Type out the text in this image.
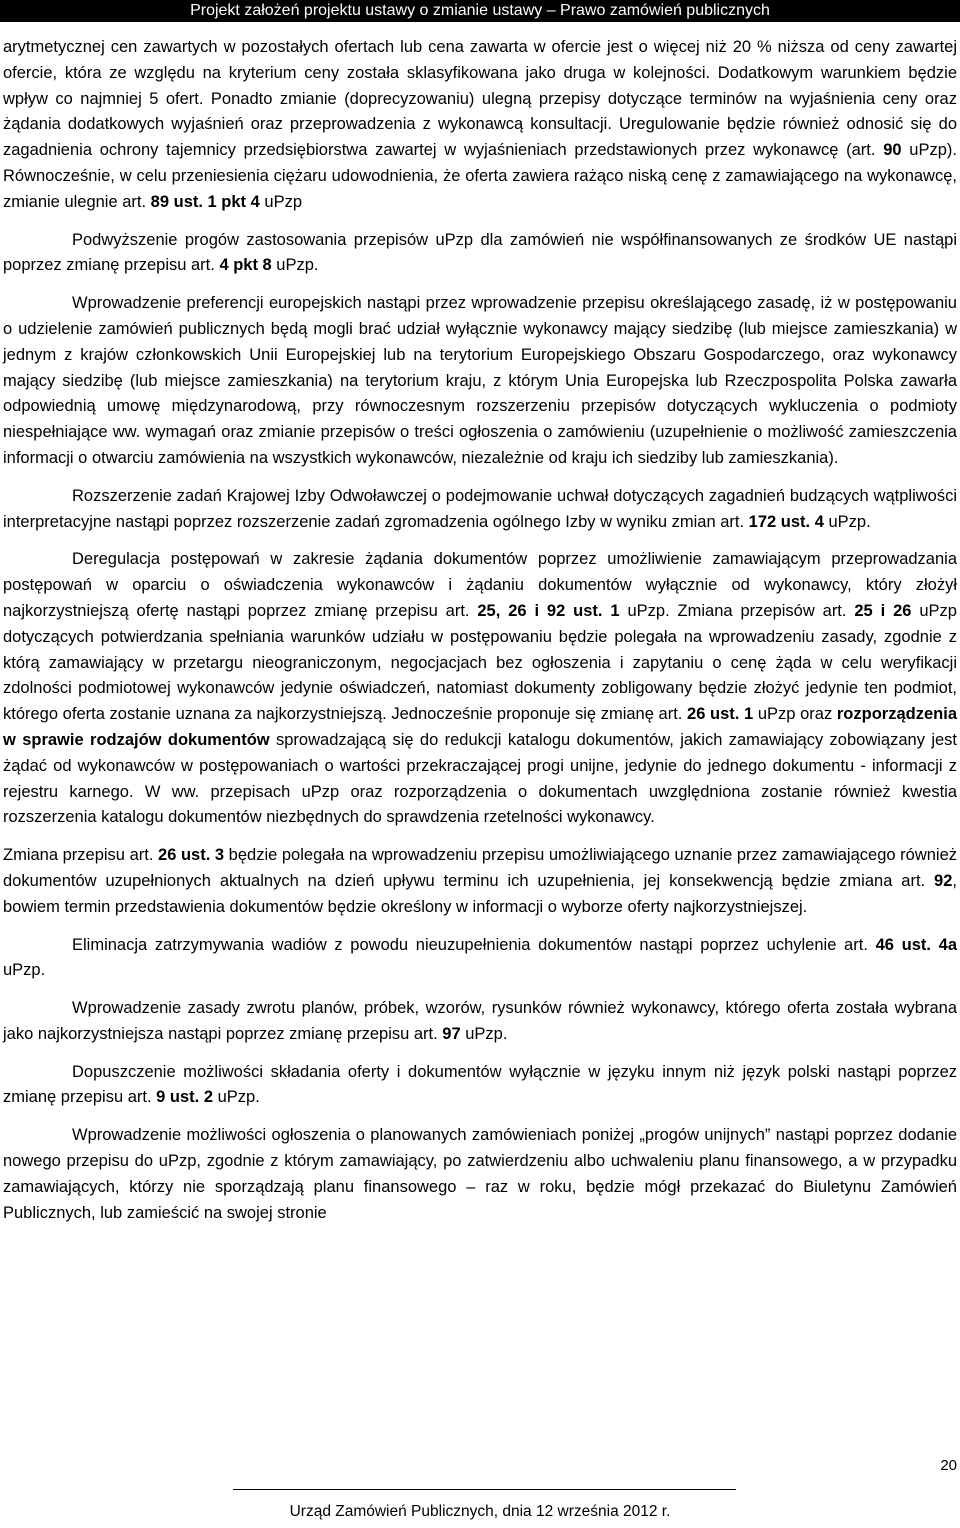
Projekt założeń projektu ustawy o zmianie ustawy – Prawo zamówień publicznych

arytmetycznej cen zawartych w pozostałych ofertach lub cena zawarta w ofercie jest o więcej niż 20 % niższa od ceny zawartej ofercie, która ze względu na kryterium ceny została sklasyfikowana jako druga w kolejności. Dodatkowym warunkiem będzie wpływ co najmniej 5 ofert. Ponadto zmianie (doprecyzowaniu) ulegną przepisy dotyczące terminów na wyjaśnienia ceny oraz żądania dodatkowych wyjaśnień oraz przeprowadzenia z wykonawcą konsultacji. Uregulowanie będzie również odnosić się do zagadnienia ochrony tajemnicy przedsiębiorstwa zawartej w wyjaśnieniach przedstawionych przez wykonawcę (art. 90 uPzp). Równocześnie, w celu przeniesienia ciężaru udowodnienia, że oferta zawiera rażąco niską cenę z zamawiającego na wykonawcę, zmianie ulegnie art. 89 ust. 1 pkt 4 uPzp

Podwyższenie progów zastosowania przepisów uPzp dla zamówień nie współfinansowanych ze środków UE nastąpi poprzez zmianę przepisu art. 4 pkt 8 uPzp.

Wprowadzenie preferencji europejskich nastąpi przez wprowadzenie przepisu określającego zasadę, iż w postępowaniu o udzielenie zamówień publicznych będą mogli brać udział wyłącznie wykonawcy mający siedzibę (lub miejsce zamieszkania) w jednym z krajów członkowskich Unii Europejskiej lub na terytorium Europejskiego Obszaru Gospodarczego, oraz wykonawcy mający siedzibę (lub miejsce zamieszkania) na terytorium kraju, z którym Unia Europejska lub Rzeczpospolita Polska zawarła odpowiednią umowę międzynarodową, przy równoczesnym rozszerzeniu przepisów dotyczących wykluczenia o podmioty niespełniające ww. wymagań oraz zmianie przepisów o treści ogłoszenia o zamówieniu (uzupełnienie o możliwość zamieszczenia informacji o otwarciu zamówienia na wszystkich wykonawców, niezależnie od kraju ich siedziby lub zamieszkania).

Rozszerzenie zadań Krajowej Izby Odwoławczej o podejmowanie uchwał dotyczących zagadnień budzących wątpliwości interpretacyjne nastąpi poprzez rozszerzenie zadań zgromadzenia ogólnego Izby w wyniku zmian art. 172 ust. 4 uPzp.

Deregulacja postępowań w zakresie żądania dokumentów poprzez umożliwienie zamawiającym przeprowadzania postępowań w oparciu o oświadczenia wykonawców i żądaniu dokumentów wyłącznie od wykonawcy, który złożył najkorzystniejszą ofertę nastąpi poprzez zmianę przepisu art. 25, 26 i 92 ust. 1 uPzp. Zmiana przepisów art. 25 i 26 uPzp dotyczących potwierdzania spełniania warunków udziału w postępowaniu będzie polegała na wprowadzeniu zasady, zgodnie z którą zamawiający w przetargu nieograniczonym, negocjacjach bez ogłoszenia i zapytaniu o cenę żąda w celu weryfikacji zdolności podmiotowej wykonawców jedynie oświadczeń, natomiast dokumenty zobligowany będzie złożyć jedynie ten podmiot, którego oferta zostanie uznana za najkorzystniejszą. Jednocześnie proponuje się zmianę art. 26 ust. 1 uPzp oraz rozporządzenia w sprawie rodzajów dokumentów sprowadzającą się do redukcji katalogu dokumentów, jakich zamawiający zobowiązany jest żądać od wykonawców w postępowaniach o wartości przekraczającej progi unijne, jedynie do jednego dokumentu - informacji z rejestru karnego. W ww. przepisach uPzp oraz rozporządzenia o dokumentach uwzględniona zostanie również kwestia rozszerzenia katalogu dokumentów niezbędnych do sprawdzenia rzetelności wykonawcy.

Zmiana przepisu art. 26 ust. 3 będzie polegała na wprowadzeniu przepisu umożliwiającego uznanie przez zamawiającego również dokumentów uzupełnionych aktualnych na dzień upływu terminu ich uzupełnienia, jej konsekwencją będzie zmiana art. 92, bowiem termin przedstawienia dokumentów będzie określony w informacji o wyborze oferty najkorzystniejszej.

Eliminacja zatrzymywania wadiów z powodu nieuzupełnienia dokumentów nastąpi poprzez uchylenie art. 46 ust. 4a uPzp.

Wprowadzenie zasady zwrotu planów, próbek, wzorów, rysunków również wykonawcy, którego oferta została wybrana jako najkorzystniejsza nastąpi poprzez zmianę przepisu art. 97 uPzp.

Dopuszczenie możliwości składania oferty i dokumentów wyłącznie w języku innym niż język polski nastąpi poprzez zmianę przepisu art. 9 ust. 2 uPzp.

Wprowadzenie możliwości ogłoszenia o planowanych zamówieniach poniżej „progów unijnych” nastąpi poprzez dodanie nowego przepisu do uPzp, zgodnie z którym zamawiający, po zatwierdzeniu albo uchwaleniu planu finansowego, a w przypadku zamawiających, którzy nie sporządzają planu finansowego – raz w roku, będzie mógł przekazać do Biuletynu Zamówień Publicznych, lub zamieścić na swojej stronie

20
Urząd Zamówień Publicznych, dnia 12 września 2012 r.
